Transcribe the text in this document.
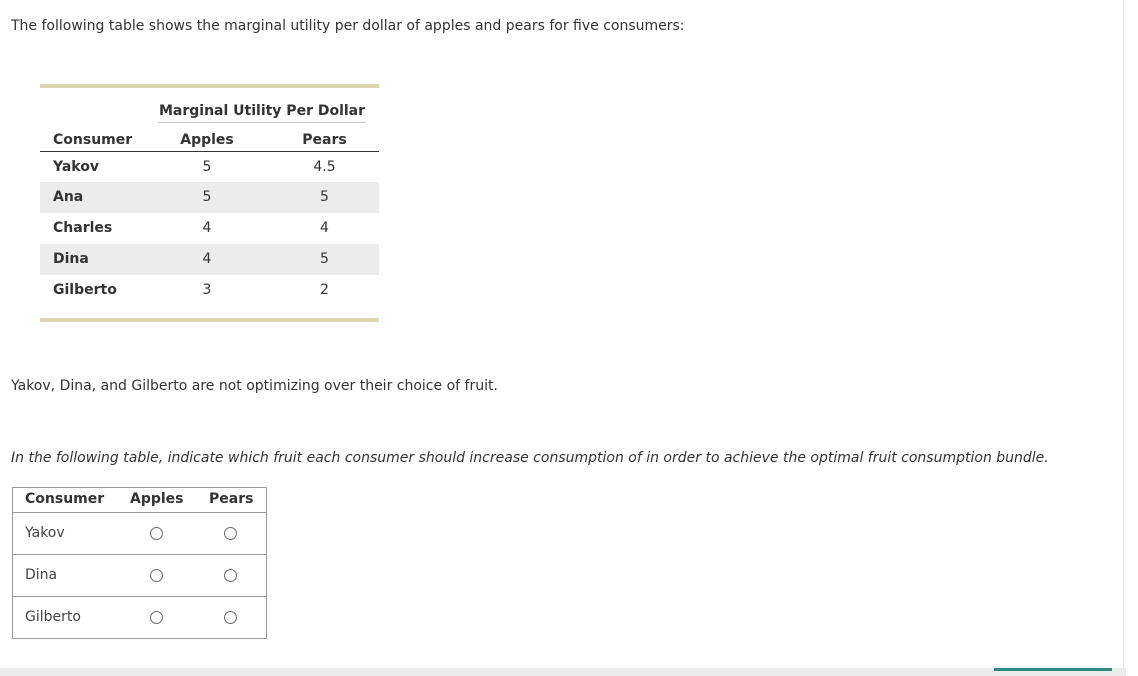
The following table shows the marginal utility per dollar of apples and pears for five consumers:
Marginal Utility Per Dollar
Consumer	Apples	Pears
Yakov	5	4.5
Ana	5	5
Charles	4	4
Dina	4	5
Gilberto	3	2
Yakov, Dina, and Gilberto are not optimizing over their choice of fruit.
In the following table, indicate which fruit each consumer should increase consumption of in order to achieve the optimal fruit consumption bundle.
Consumer Apples Pears
Yakov
Dina
Gilberto
